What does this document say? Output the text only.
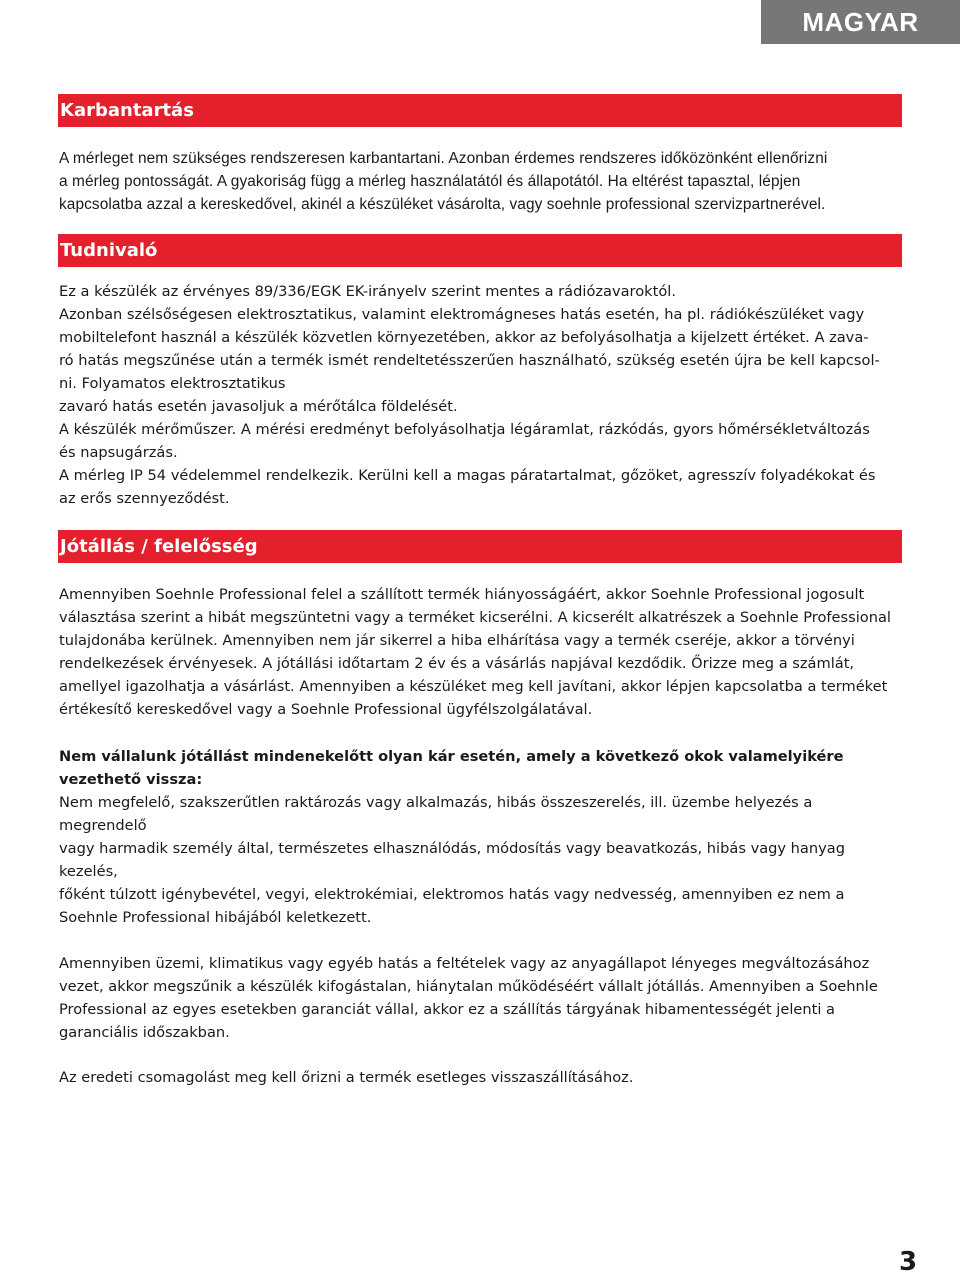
MAGYAR
Karbantartás
A mérleget nem szükséges rendszeresen karbantartani. Azonban érdemes rendszeres időközönként ellenőrizni
a mérleg pontosságát. A gyakoriság függ a mérleg használatától és állapotától. Ha eltérést tapasztal, lépjen
kapcsolatba azzal a kereskedővel, akinél a készüléket vásárolta, vagy soehnle professional szervizpartnerével.
Tudnivaló
Ez a készülék az érvényes 89/336/EGK EK-irányelv szerint mentes a rádiózavaroktól.
Azonban szélsőségesen elektrosztatikus, valamint elektromágneses hatás esetén, ha pl. rádiókészüléket vagy
mobiltelefont használ a készülék közvetlen környezetében, akkor az befolyásolhatja a kijelzett értéket. A zava-
ró hatás megszűnése után a termék ismét rendeltetésszerűen használható, szükség esetén újra be kell kapcsol-
ni. Folyamatos elektrosztatikus
zavaró hatás esetén javasoljuk a mérőtálca földelését.
A készülék mérőműszer. A mérési eredményt befolyásolhatja légáramlat, rázkódás, gyors hőmérsékletváltozás
és napsugárzás.
A mérleg IP 54 védelemmel rendelkezik. Kerülni kell a magas páratartalmat, gőzöket, agresszív folyadékokat és
az erős szennyeződést.
Jótállás / felelősség
Amennyiben Soehnle Professional felel a szállított termék hiányosságáért, akkor Soehnle Professional jogosult
választása szerint a hibát megszüntetni vagy a terméket kicserélni. A kicserélt alkatrészek a Soehnle Professional
tulajdonába kerülnek. Amennyiben nem jár sikerrel a hiba elhárítása vagy a termék cseréje, akkor a törvényi
rendelkezések érvényesek. A jótállási időtartam 2 év és a vásárlás napjával kezdődik. Őrizze meg a számlát,
amellyel igazolhatja a vásárlást. Amennyiben a készüléket meg kell javítani, akkor lépjen kapcsolatba a terméket
értékesítő kereskedővel vagy a Soehnle Professional ügyfélszolgálatával.
Nem vállalunk jótállást mindenekelőtt olyan kár esetén, amely a következő okok valamelyikére vezethető vissza:
Nem megfelelő, szakszerűtlen raktározás vagy alkalmazás, hibás összeszerelés, ill. üzembe helyezés a megrendelő
vagy harmadik személy által, természetes elhasználódás, módosítás vagy beavatkozás, hibás vagy hanyag kezelés,
főként túlzott igénybevétel, vegyi, elektrokémiai, elektromos hatás vagy nedvesség, amennyiben ez nem a
Soehnle Professional hibájából keletkezett.
Amennyiben üzemi, klimatikus vagy egyéb hatás a feltételek vagy az anyagállapot lényeges megváltozásához
vezet, akkor megszűnik a készülék kifogástalan, hiánytalan működéséért vállalt jótállás. Amennyiben a Soehnle
Professional az egyes esetekben garanciát vállal, akkor ez a szállítás tárgyának hibamentességét jelenti a
garanciális időszakban.
Az eredeti csomagolást meg kell őrizni a termék esetleges visszaszállításához.
3
